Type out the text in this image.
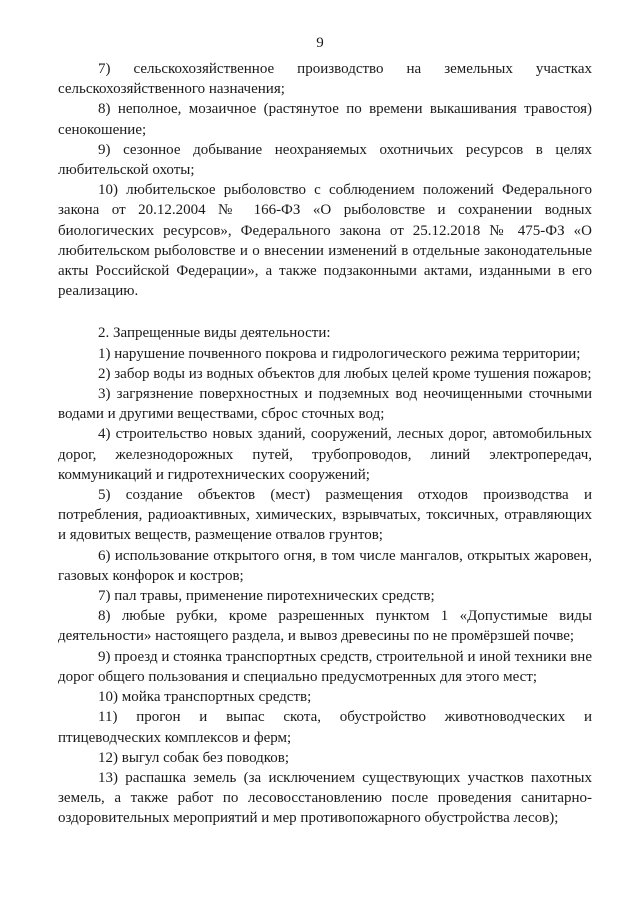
9

7) сельскохозяйственное производство на земельных участках сельскохозяйственного назначения;

8) неполное, мозаичное (растянутое по времени выкашивания травостоя) сенокошение;

9) сезонное добывание неохраняемых охотничьих ресурсов в целях любительской охоты;

10) любительское рыболовство с соблюдением положений Федерального закона от 20.12.2004 № 166-ФЗ «О рыболовстве и сохранении водных биологических ресурсов», Федерального закона от 25.12.2018 № 475-ФЗ «О любительском рыболовстве и о внесении изменений в отдельные законодательные акты Российской Федерации», а также подзаконными актами, изданными в его реализацию.

2. Запрещенные виды деятельности:

1) нарушение почвенного покрова и гидрологического режима территории;

2) забор воды из водных объектов для любых целей кроме тушения пожаров;

3) загрязнение поверхностных и подземных вод неочищенными сточными водами и другими веществами, сброс сточных вод;

4) строительство новых зданий, сооружений, лесных дорог, автомобильных дорог, железнодорожных путей, трубопроводов, линий электропередач, коммуникаций и гидротехнических сооружений;

5) создание объектов (мест) размещения отходов производства и потребления, радиоактивных, химических, взрывчатых, токсичных, отравляющих и ядовитых веществ, размещение отвалов грунтов;

6) использование открытого огня, в том числе мангалов, открытых жаровен, газовых конфорок и костров;

7) пал травы, применение пиротехнических средств;

8) любые рубки, кроме разрешенных пунктом 1 «Допустимые виды деятельности» настоящего раздела, и вывоз древесины по не промёрзшей почве;

9) проезд и стоянка транспортных средств, строительной и иной техники вне дорог общего пользования и специально предусмотренных для этого мест;

10) мойка транспортных средств;

11) прогон и выпас скота, обустройство животноводческих и птицеводческих комплексов и ферм;

12) выгул собак без поводков;

13) распашка земель (за исключением существующих участков пахотных земель, а также работ по лесовосстановлению после проведения санитарно-оздоровительных мероприятий и мер противопожарного обустройства лесов);
